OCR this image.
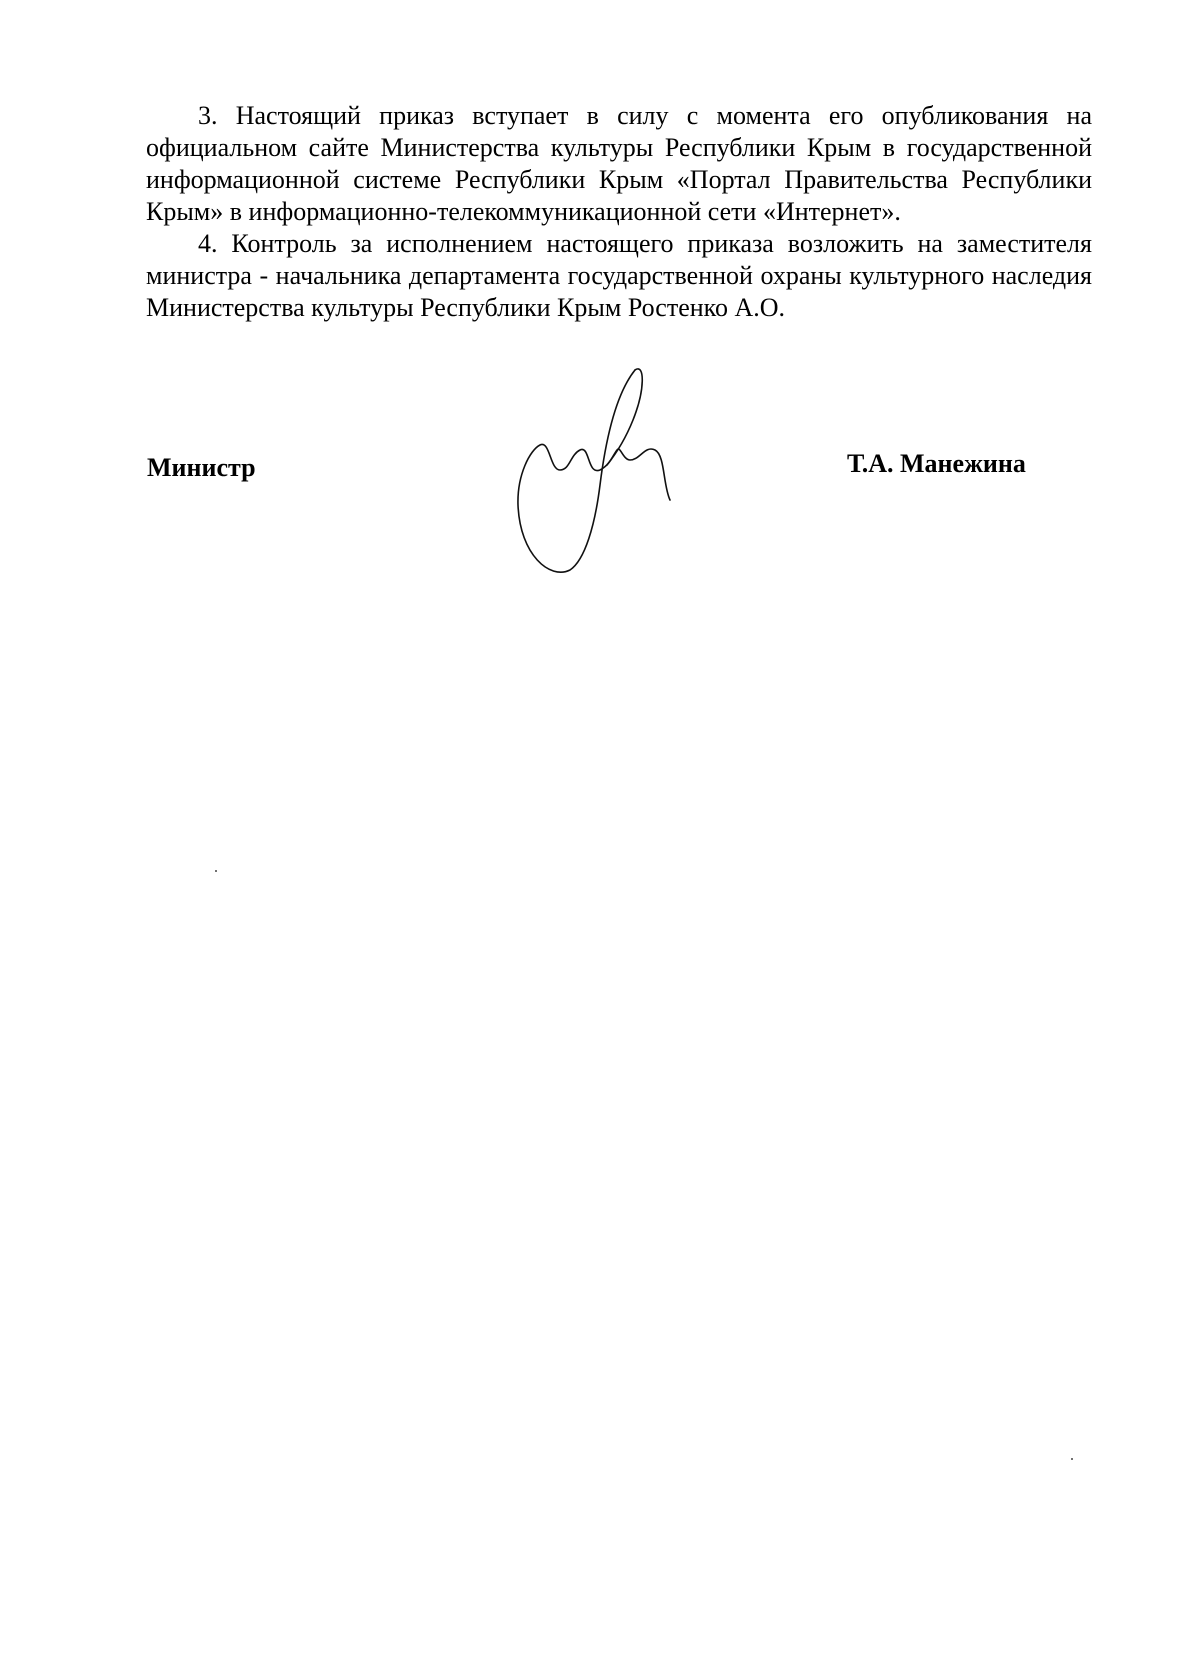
3. Настоящий приказ вступает в силу с момента его опубликования на официальном сайте Министерства культуры Республики Крым в государственной информационной системе Республики Крым «Портал Правительства Республики Крым» в информационно-телекоммуникационной сети «Интернет».

4. Контроль за исполнением настоящего приказа возложить на заместителя министра - начальника департамента государственной охраны культурного наследия Министерства культуры Республики Крым Ростенко А.О.

Министр	Т.А. Манежина
